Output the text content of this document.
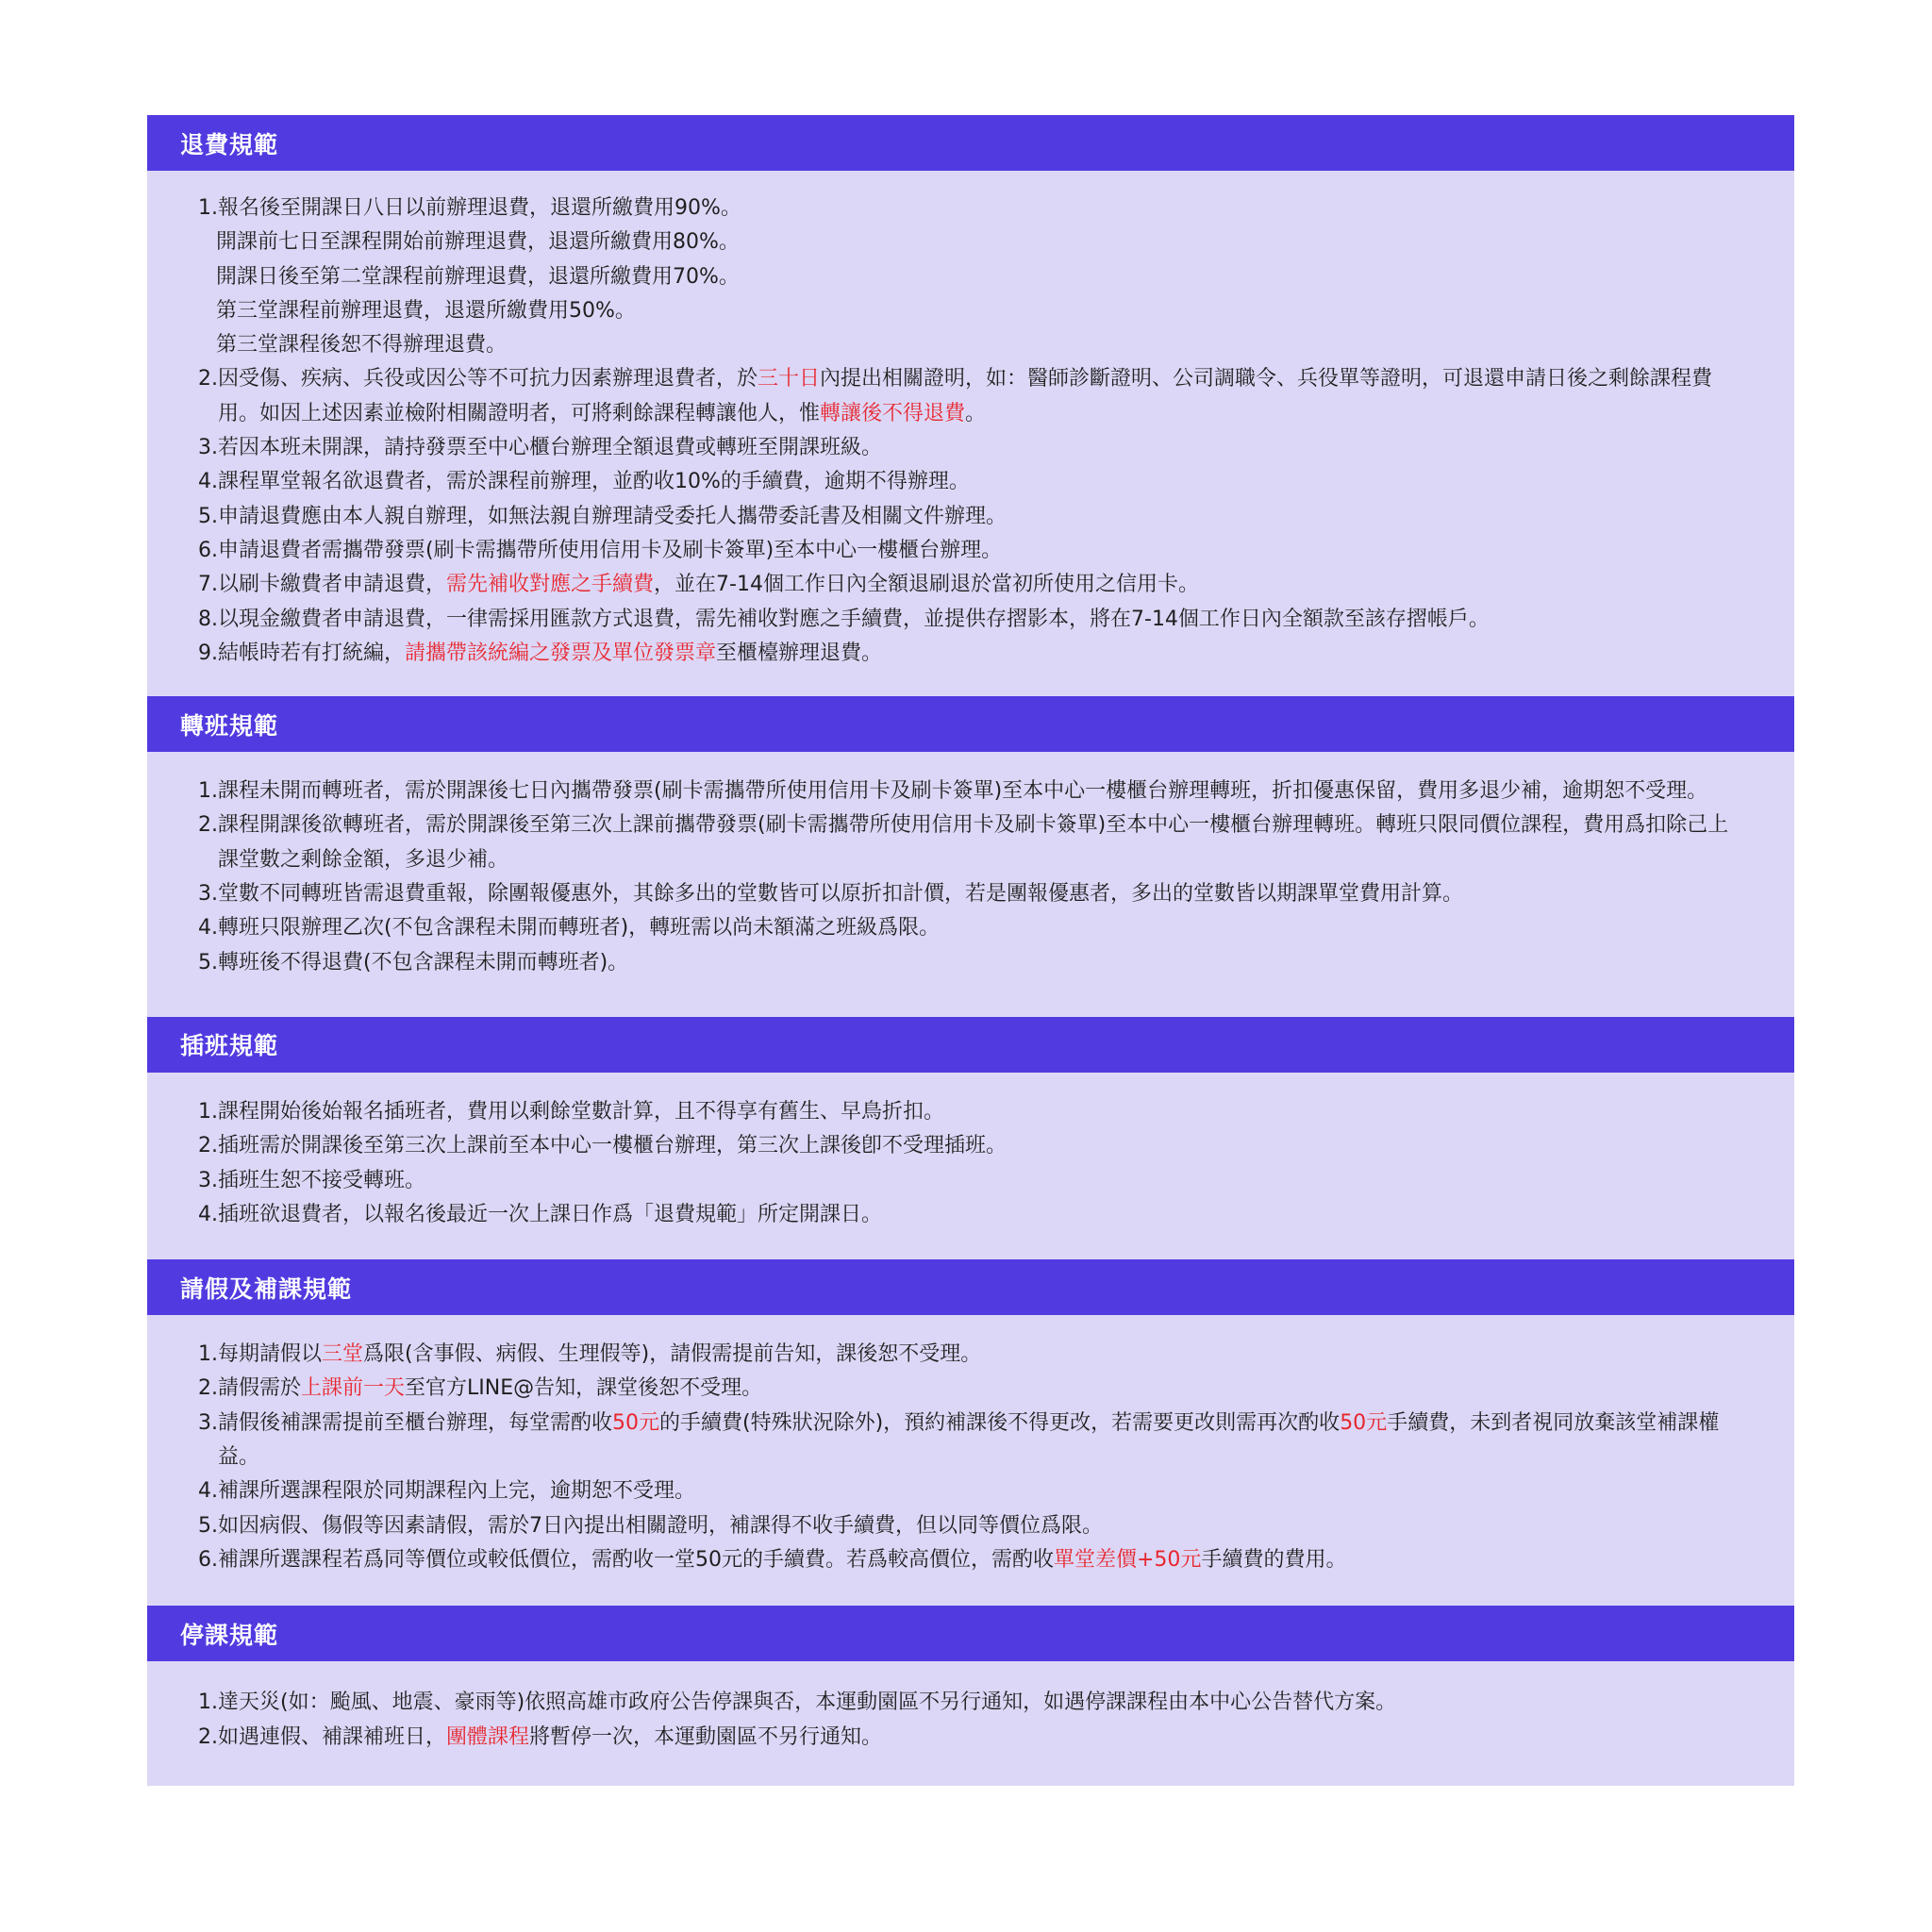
退費規範
1. 報名後至開課日八日以前辦理退費，退還所繳費用90%。
開課前七日至課程開始前辦理退費，退還所繳費用80%。
開課日後至第二堂課程前辦理退費，退還所繳費用70%。
第三堂課程前辦理退費，退還所繳費用50%。
第三堂課程後恕不得辦理退費。
2. 因受傷、疾病、兵役或因公等不可抗力因素辦理退費者，於三十日內提出相關證明，如：醫師診斷證明、公司調職令、兵役單等證明，可退還申請日後之剩餘課程費用。如因上述因素並檢附相關證明者，可將剩餘課程轉讓他人，惟轉讓後不得退費。
3. 若因本班未開課，請持發票至中心櫃台辦理全額退費或轉班至開課班級。
4. 課程單堂報名欲退費者，需於課程前辦理，並酌收10%的手續費，逾期不得辦理。
5. 申請退費應由本人親自辦理，如無法親自辦理請受委托人攜帶委託書及相關文件辦理。
6. 申請退費者需攜帶發票(刷卡需攜帶所使用信用卡及刷卡簽單)至本中心一樓櫃台辦理。
7. 以刷卡繳費者申請退費，需先補收對應之手續費，並在7-14個工作日內全額退刷退於當初所使用之信用卡。
8. 以現金繳費者申請退費，一律需採用匯款方式退費，需先補收對應之手續費，並提供存摺影本，將在7-14個工作日內全額款至該存摺帳戶。
9. 結帳時若有打統編，請攜帶該統編之發票及單位發票章至櫃檯辦理退費。
轉班規範
1. 課程未開而轉班者，需於開課後七日內攜帶發票(刷卡需攜帶所使用信用卡及刷卡簽單)至本中心一樓櫃台辦理轉班，折扣優惠保留，費用多退少補，逾期恕不受理。
2. 課程開課後欲轉班者，需於開課後至第三次上課前攜帶發票(刷卡需攜帶所使用信用卡及刷卡簽單)至本中心一樓櫃台辦理轉班。轉班只限同價位課程，費用爲扣除己上課堂數之剩餘金額，多退少補。
3. 堂數不同轉班皆需退費重報，除團報優惠外，其餘多出的堂數皆可以原折扣計價，若是團報優惠者，多出的堂數皆以期課單堂費用計算。
4. 轉班只限辦理乙次(不包含課程未開而轉班者)，轉班需以尚未額滿之班級爲限。
5. 轉班後不得退費(不包含課程未開而轉班者)。
插班規範
1. 課程開始後始報名插班者，費用以剩餘堂數計算，且不得享有舊生、早鳥折扣。
2. 插班需於開課後至第三次上課前至本中心一樓櫃台辦理，第三次上課後卽不受理插班。
3. 插班生恕不接受轉班。
4. 插班欲退費者，以報名後最近一次上課日作爲「退費規範」所定開課日。
請假及補課規範
1. 每期請假以三堂爲限(含事假、病假、生理假等)，請假需提前告知，課後恕不受理。
2. 請假需於上課前一天至官方LINE@告知，課堂後恕不受理。
3. 請假後補課需提前至櫃台辦理，每堂需酌收50元的手續費(特殊狀況除外)，預約補課後不得更改，若需要更改則需再次酌收50元手續費，未到者視同放棄該堂補課權益。
4. 補課所選課程限於同期課程內上完，逾期恕不受理。
5. 如因病假、傷假等因素請假，需於7日內提出相關證明，補課得不收手續費，但以同等價位爲限。
6. 補課所選課程若爲同等價位或較低價位，需酌收一堂50元的手續費。若爲較高價位，需酌收單堂差價+50元手續費的費用。
停課規範
1. 達天災(如：颱風、地震、豪雨等)依照高雄市政府公告停課與否，本運動園區不另行通知，如遇停課課程由本中心公告替代方案。
2. 如遇連假、補課補班日，團體課程將暫停一次，本運動園區不另行通知。
